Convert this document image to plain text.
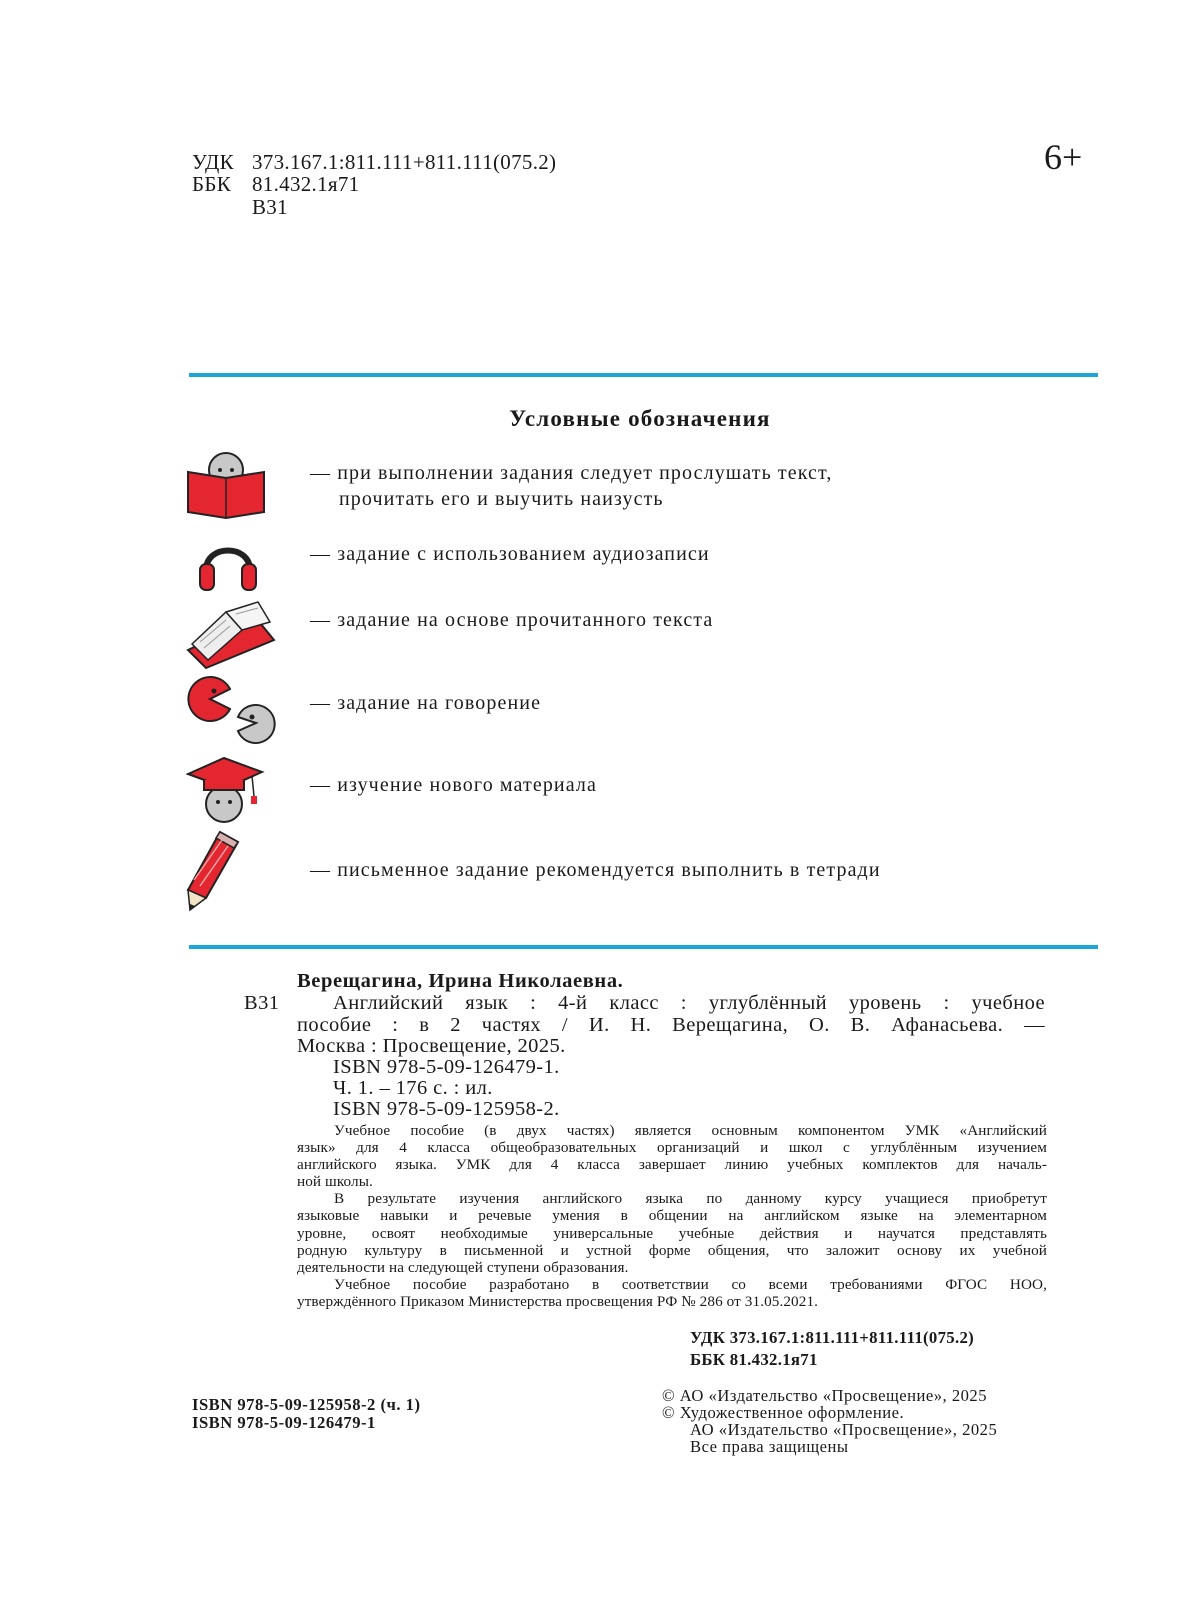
УДК 373.167.1:811.111+811.111(075.2)
ББК 81.432.1я71
В31
6+
Условные обозначения
— при выполнении задания следует прослушать текст,
прочитать его и выучить наизусть
— задание с использованием аудиозаписи
— задание на основе прочитанного текста
— задание на говорение
— изучение нового материала
— письменное задание рекомендуется выполнить в тетради
Верещагина, Ирина Николаевна.
В31	Английский язык : 4-й класс : углублённый уровень : учебное
пособие : в 2 частях / И. Н. Верещагина, О. В. Афанасьева. —
Москва : Просвещение, 2025.
ISBN 978-5-09-126479-1.
Ч. 1. – 176 с. : ил.
ISBN 978-5-09-125958-2.
Учебное пособие (в двух частях) является основным компонентом УМК «Английский
язык» для 4 класса общеобразовательных организаций и школ с углублённым изучением
английского языка. УМК для 4 класса завершает линию учебных комплектов для началь-
ной школы.
В результате изучения английского языка по данному курсу учащиеся приобретут
языковые навыки и речевые умения в общении на английском языке на элементарном
уровне, освоят необходимые универсальные учебные действия и научатся представлять
родную культуру в письменной и устной форме общения, что заложит основу их учебной
деятельности на следующей ступени образования.
Учебное пособие разработано в соответствии со всеми требованиями ФГОС НОО,
утверждённого Приказом Министерства просвещения РФ № 286 от 31.05.2021.
УДК 373.167.1:811.111+811.111(075.2)
ББК 81.432.1я71
ISBN 978-5-09-125958-2 (ч. 1)
ISBN 978-5-09-126479-1
© АО «Издательство «Просвещение», 2025
© Художественное оформление.
АО «Издательство «Просвещение», 2025
Все права защищены
